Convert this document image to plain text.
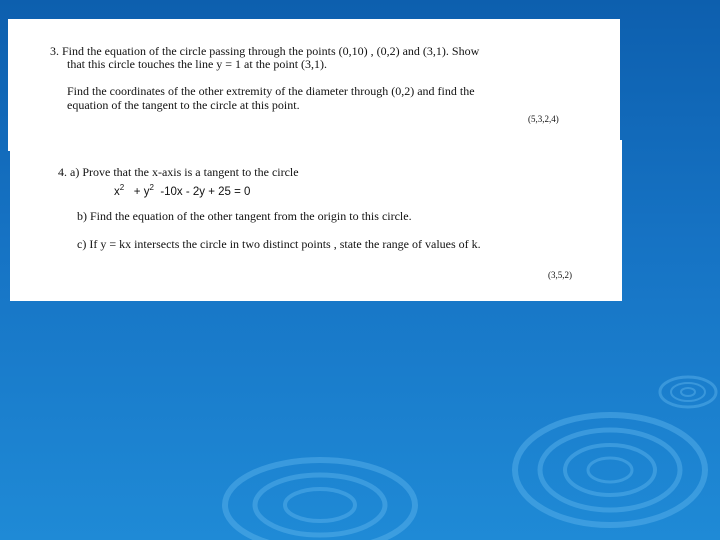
3. Find the equation of the circle passing through the points (0,10) , (0,2) and (3,1). Show
that this circle touches the line y = 1 at the point (3,1).
Find the coordinates of the other extremity of the diameter through (0,2) and find the
equation of the tangent to the circle at this point.
(5,3,2,4)
4. a) Prove that the x-axis is a tangent to the circle
$x^2 + y^2$ -10x - 2y + 25 = 0
b) Find the equation of the other tangent from the origin to this circle.
c) If y = kx intersects the circle in two distinct points , state the range of values of k.
(3,5,2)
